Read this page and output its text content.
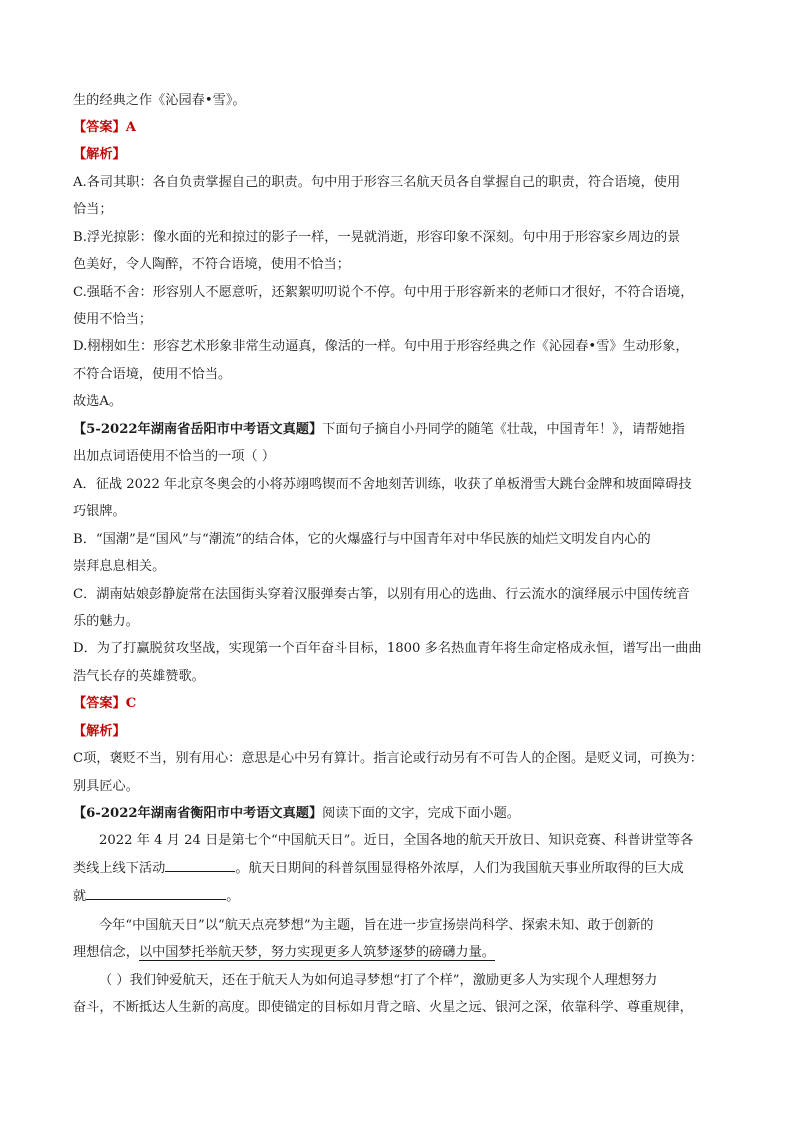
生的经典之作《沁园春•雪》。
【答案】A
【解析】
A.各司其职：各自负责掌握自己的职责。句中用于形容三名航天员各自掌握自己的职责，符合语境，使用
恰当；
B.浮光掠影：像水面的光和掠过的影子一样，一晃就消逝，形容印象不深刻。句中用于形容家乡周边的景
色美好，令人陶醉，不符合语境，使用不恰当；
C.强聒不舍：形容别人不愿意听，还絮絮叨叨说个不停。句中用于形容新来的老师口才很好，不符合语境，
使用不恰当；
D.栩栩如生：形容艺术形象非常生动逼真，像活的一样。句中用于形容经典之作《沁园春•雪》生动形象，
不符合语境，使用不恰当。
故选A。
【5-2022年湖南省岳阳市中考语文真题】下面句子摘自小丹同学的随笔《壮哉，中国青年！》，请帮她指
出加点词语使用不恰当的一项（ ）
A．征战 2022 年北京冬奥会的小将苏翊鸣锲而不舍地刻苦训练，收获了单板滑雪大跳台金牌和坡面障碍技
巧银牌。
B．“国潮”是“国风”与“潮流”的结合体，它的火爆盛行与中国青年对中华民族的灿烂文明发自内心的
崇拜息息相关。
C．湖南姑娘彭静旋常在法国街头穿着汉服弹奏古筝，以别有用心的选曲、行云流水的演绎展示中国传统音
乐的魅力。
D．为了打赢脱贫攻坚战，实现第一个百年奋斗目标，1800 多名热血青年将生命定格成永恒，谱写出一曲曲
浩气长存的英雄赞歌。
【答案】C
【解析】
C项，褒贬不当，别有用心：意思是心中另有算计。指言论或行动另有不可告人的企图。是贬义词，可换为：
别具匠心。
【6-2022年湖南省衡阳市中考语文真题】阅读下面的文字，完成下面小题。
2022 年 4 月 24 日是第七个“中国航天日”。近日，全国各地的航天开放日、知识竞赛、科普讲堂等各
类线上线下活动	。航天日期间的科普氛围显得格外浓厚，人们为我国航天事业所取得的巨大成
就	。
今年“中国航天日”以“航天点亮梦想”为主题，旨在进一步宣扬崇尚科学、探索未知、敢于创新的
理想信念，以中国梦托举航天梦，努力实现更多人筑梦逐梦的磅礴力量。
（ ）我们钟爱航天，还在于航天人为如何追寻梦想“打了个样”，激励更多人为实现个人理想努力
奋斗，不断抵达人生新的高度。即使锚定的目标如月背之暗、火星之远、银河之深，依靠科学、尊重规律，
